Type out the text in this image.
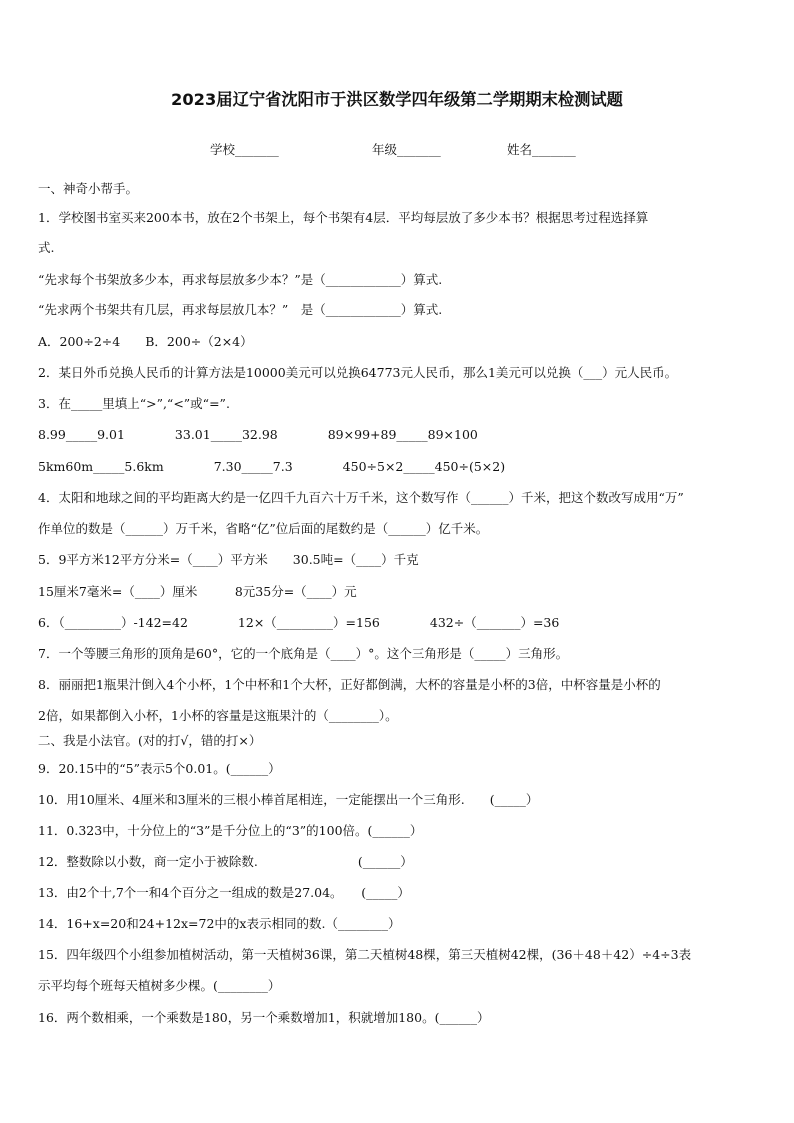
2023届辽宁省沈阳市于洪区数学四年级第二学期期末检测试题
学校_______	年级_______	姓名_______
一、神奇小帮手。
1．学校图书室买来200本书，放在2个书架上，每个书架有4层．平均每层放了多少本书？根据思考过程选择算
式.
“先求每个书架放多少本，再求每层放多少本？”是（____________）算式.
“先求两个书架共有几层，再求每层放几本？”　是（____________）算式.
A．200÷2÷4　　B．200÷（2×4）
2．某日外币兑换人民币的计算方法是10000美元可以兑换64773元人民币，那么1美元可以兑换（___）元人民币。
3．在_____里填上“>”,“<”或“=”.
8.99_____9.01　　　　33.01_____32.98　　　　89×99+89_____89×100
5km60m_____5.6km　　　　7.30_____7.3　　　　450÷5×2_____450÷(5×2)
4．太阳和地球之间的平均距离大约是一亿四千九百六十万千米，这个数写作（______）千米，把这个数改写成用“万”
作单位的数是（______）万千米，省略“亿”位后面的尾数约是（______）亿千米。
5．9平方米12平方分米=（____）平方米　　30.5吨=（____）千克
15厘米7毫米=（____）厘米　　　8元35分=（____）元
6．（_________）-142=42　　　　12×（_________）=156　　　　432÷（_______）=36
7．一个等腰三角形的顶角是60°，它的一个底角是（____）°。这个三角形是（_____）三角形。
8．丽丽把1瓶果汁倒入4个小杯，1个中杯和1个大杯，正好都倒满，大杯的容量是小杯的3倍，中杯容量是小杯的
2倍，如果都倒入小杯，1小杯的容量是这瓶果汁的（________）。
二、我是小法官。(对的打√，错的打×）
9．20.15中的“5”表示5个0.01。(______）
10．用10厘米、4厘米和3厘米的三根小棒首尾相连，一定能摆出一个三角形.　　(_____）
11．0.323中，十分位上的“3”是千分位上的“3”的100倍。(______）
12．整数除以小数，商一定小于被除数.　　　　　　　　(______）
13．由2个十,7个一和4个百分之一组成的数是27.04。　　(_____）
14．16+x=20和24+12x=72中的x表示相同的数.（________）
15．四年级四个小组参加植树活动，第一天植树36课，第二天植树48棵，第三天植树42棵，(36＋48＋42）÷4÷3表
示平均每个班每天植树多少棵。(________）
16．两个数相乘，一个乘数是180，另一个乘数增加1，积就增加180。(______）
